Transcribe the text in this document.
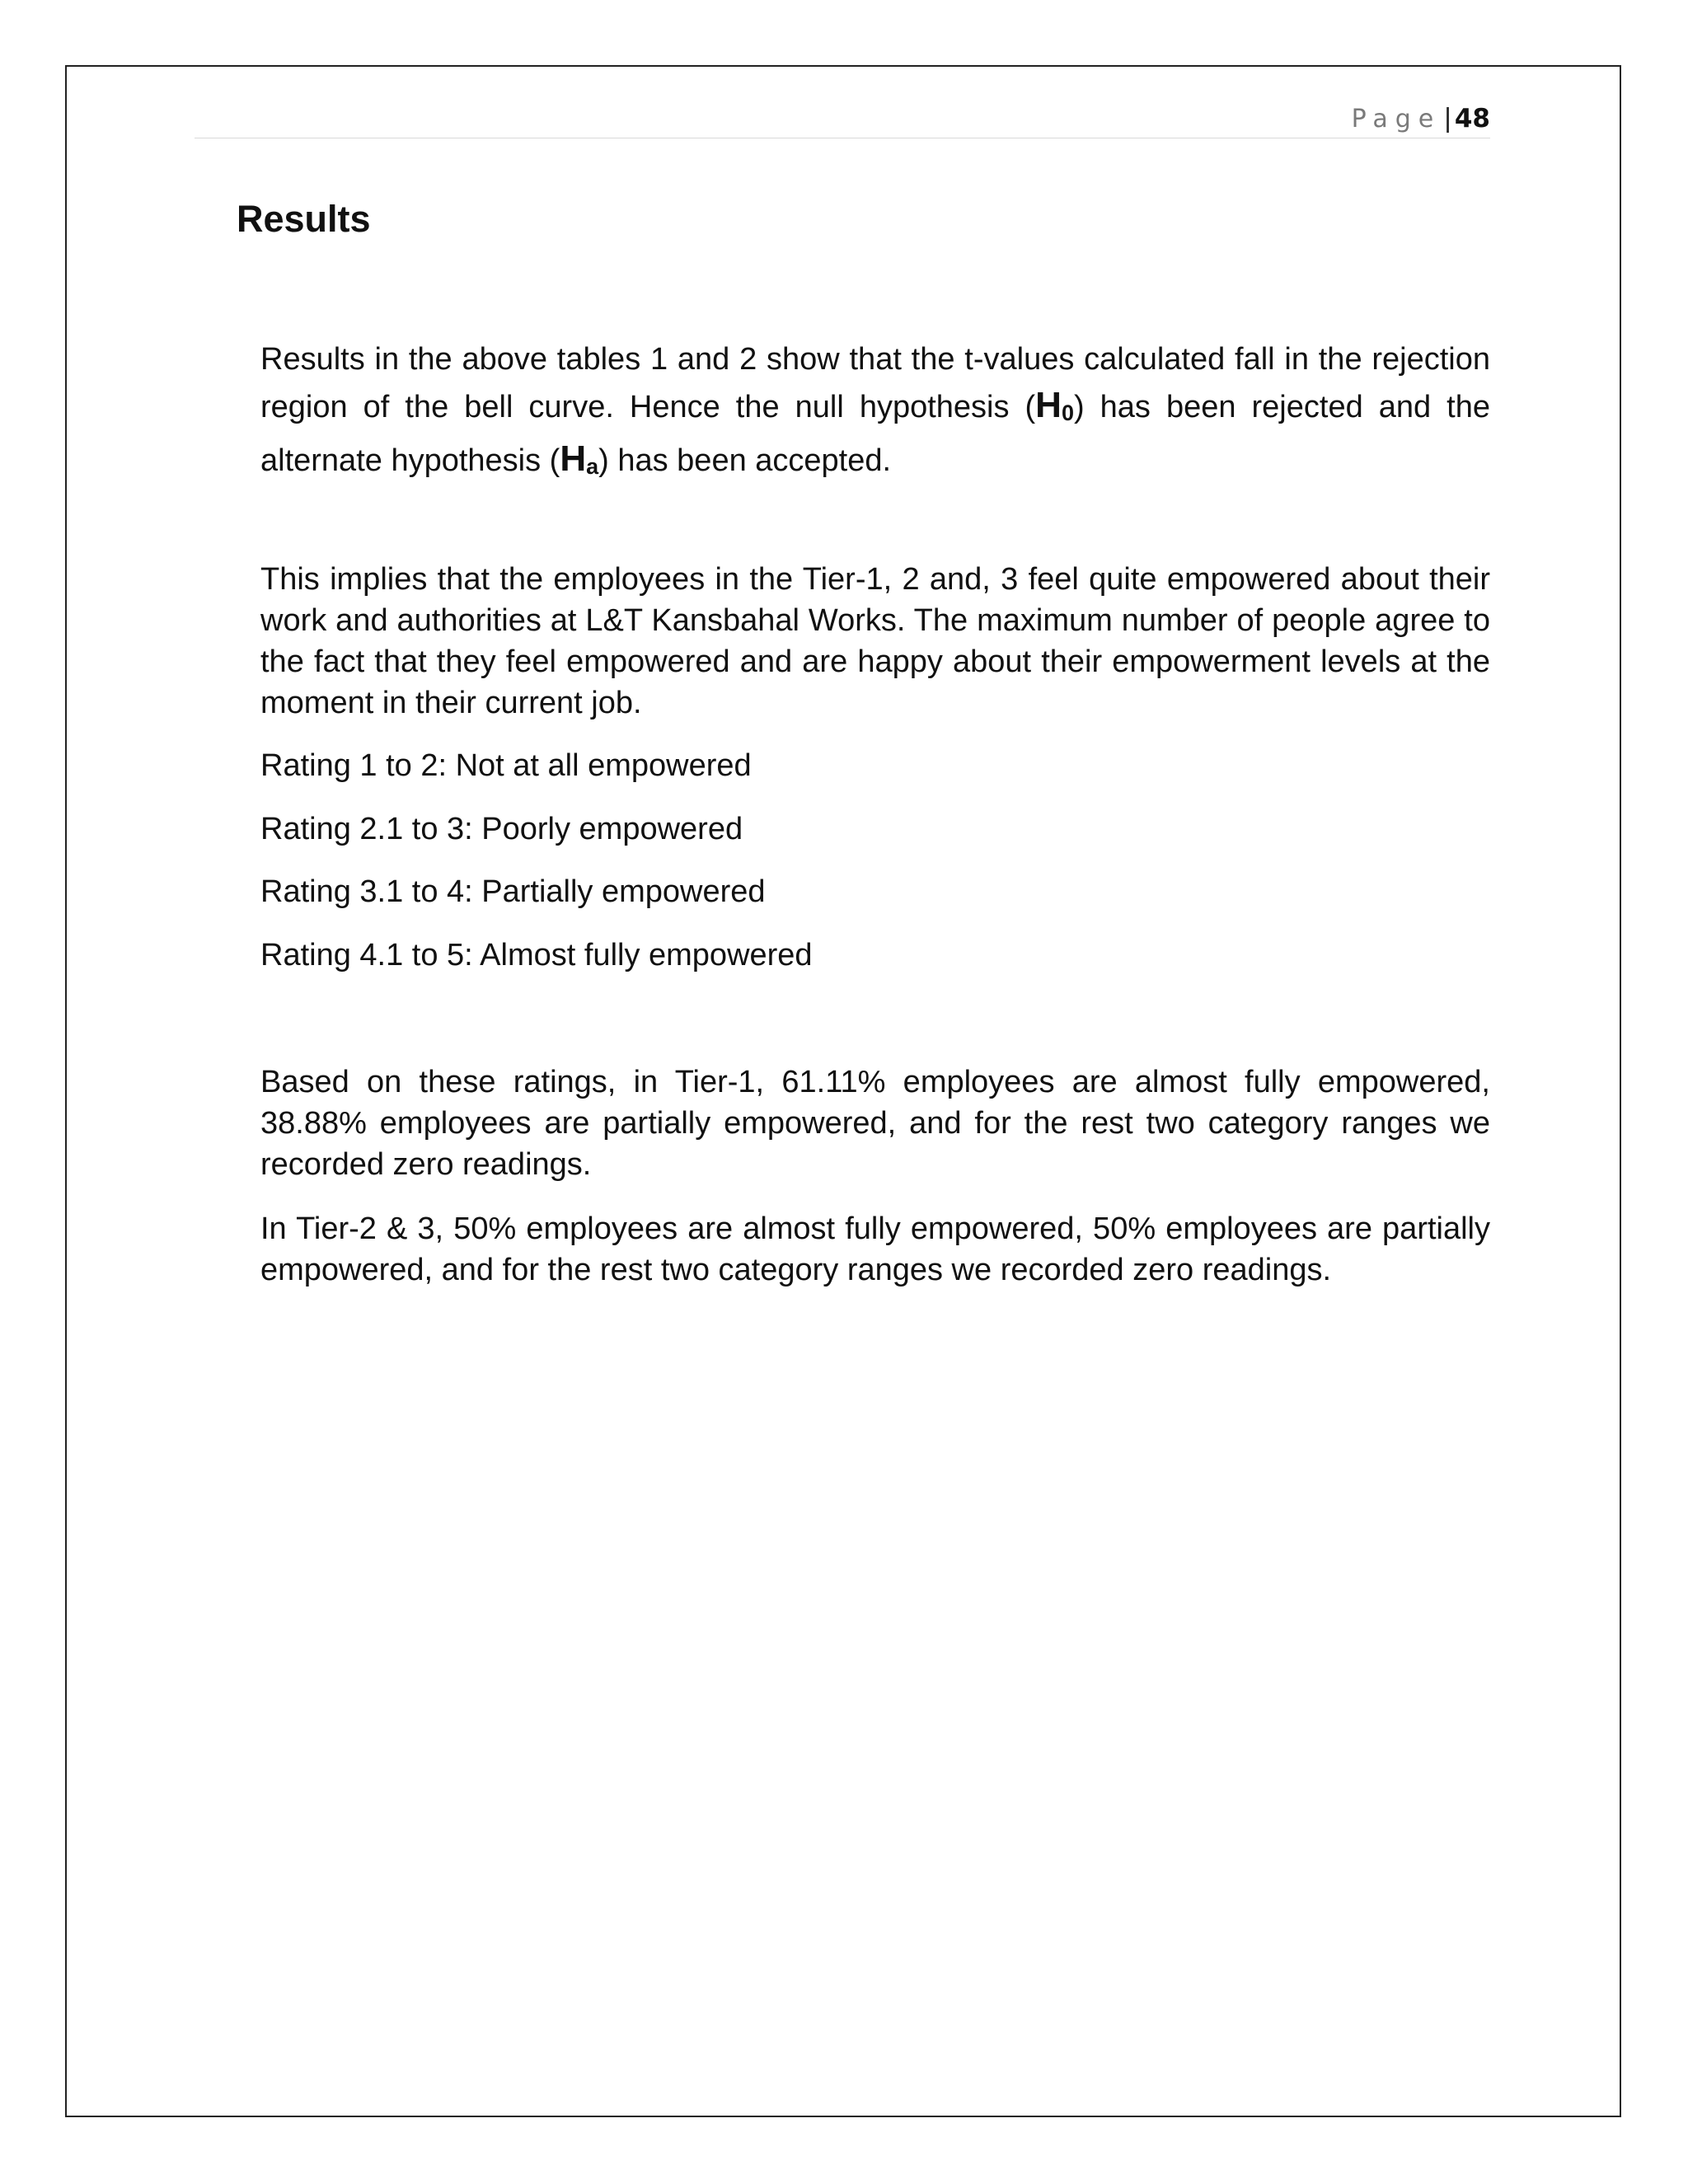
Page | 48
Results

Results in the above tables 1 and 2 show that the t-values calculated fall in the rejection region of the bell curve. Hence the null hypothesis $(H_0)$ has been rejected and the alternate hypothesis $(H_a)$ has been accepted.

This implies that the employees in the Tier-1, 2 and, 3 feel quite empowered about their work and authorities at L&T Kansbahal Works. The maximum number of people agree to the fact that they feel empowered and are happy about their empowerment levels at the moment in their current job.

Rating 1 to 2: Not at all empowered

Rating 2.1 to 3: Poorly empowered

Rating 3.1 to 4: Partially empowered

Rating 4.1 to 5: Almost fully empowered

Based on these ratings, in Tier-1, 61.11% employees are almost fully empowered, 38.88% employees are partially empowered, and for the rest two category ranges we recorded zero readings.

In Tier-2 & 3, 50% employees are almost fully empowered, 50% employees are partially empowered, and for the rest two category ranges we recorded zero readings.
